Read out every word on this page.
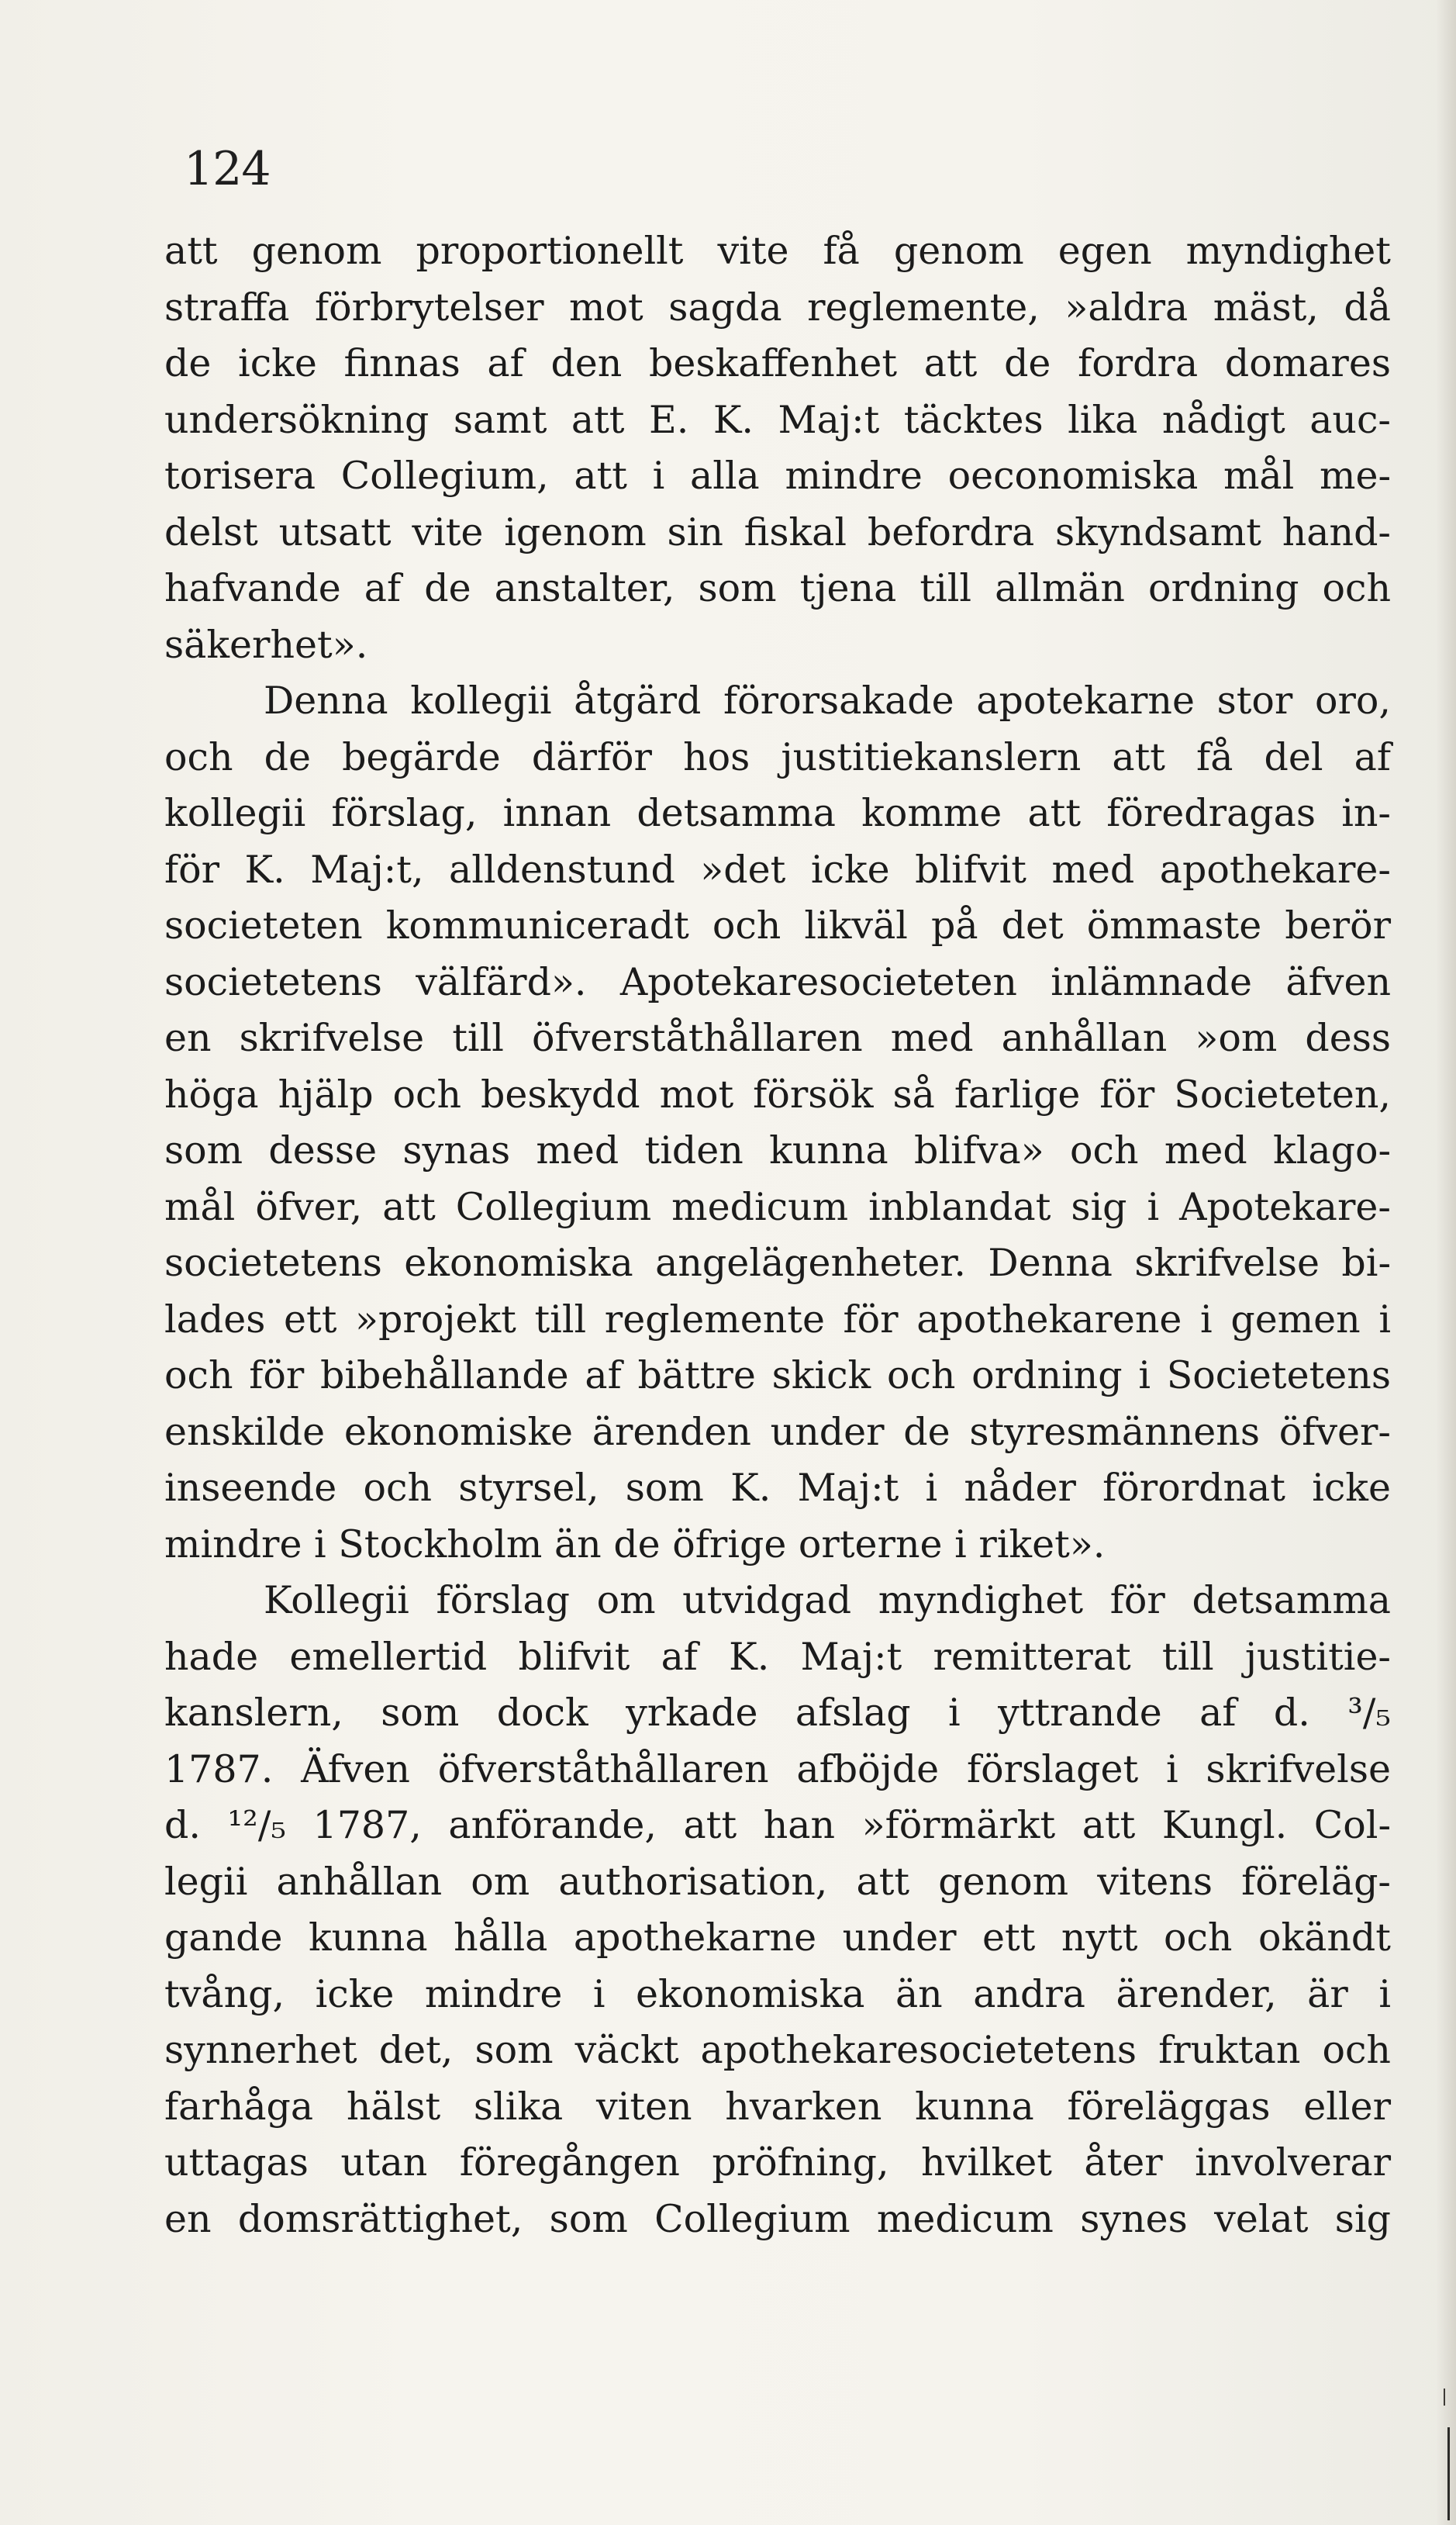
124

att genom proportionellt vite få genom egen myndighet
straffa förbrytelser mot sagda reglemente, »aldra mäst, då
de icke finnas af den beskaffenhet att de fordra domares
undersökning samt att E. K. Maj:t täcktes lika nådigt auc-
torisera Collegium, att i alla mindre oeconomiska mål me-
delst utsatt vite igenom sin fiskal befordra skyndsamt hand-
hafvande af de anstalter, som tjena till allmän ordning och
säkerhet».
Denna kollegii åtgärd förorsakade apotekarne stor oro,
och de begärde därför hos justitiekanslern att få del af
kollegii förslag, innan detsamma komme att föredragas in-
för K. Maj:t, alldenstund »det icke blifvit med apothekare-
societeten kommuniceradt och likväl på det ömmaste berör
societetens välfärd». Apotekaresocieteten inlämnade äfven
en skrifvelse till öfverståthållaren med anhållan »om dess
höga hjälp och beskydd mot försök så farlige för Societeten,
som desse synas med tiden kunna blifva» och med klago-
mål öfver, att Collegium medicum inblandat sig i Apotekare-
societetens ekonomiska angelägenheter. Denna skrifvelse bi-
lades ett »projekt till reglemente för apothekarene i gemen i
och för bibehållande af bättre skick och ordning i Societetens
enskilde ekonomiske ärenden under de styresmännens öfver-
inseende och styrsel, som K. Maj:t i nåder förordnat icke
mindre i Stockholm än de öfrige orterne i riket».
Kollegii förslag om utvidgad myndighet för detsamma
hade emellertid blifvit af K. Maj:t remitterat till justitie-
kanslern, som dock yrkade afslag i yttrande af d. ³/₅
1787. Äfven öfverståthållaren afböjde förslaget i skrifvelse
d. ¹²/₅ 1787, anförande, att han »förmärkt att Kungl. Col-
legii anhållan om authorisation, att genom vitens föreläg-
gande kunna hålla apothekarne under ett nytt och okändt
tvång, icke mindre i ekonomiska än andra ärender, är i
synnerhet det, som väckt apothekaresocietetens fruktan och
farhåga hälst slika viten hvarken kunna föreläggas eller
uttagas utan föregången pröfning, hvilket åter involverar
en domsrättighet, som Collegium medicum synes velat sig
